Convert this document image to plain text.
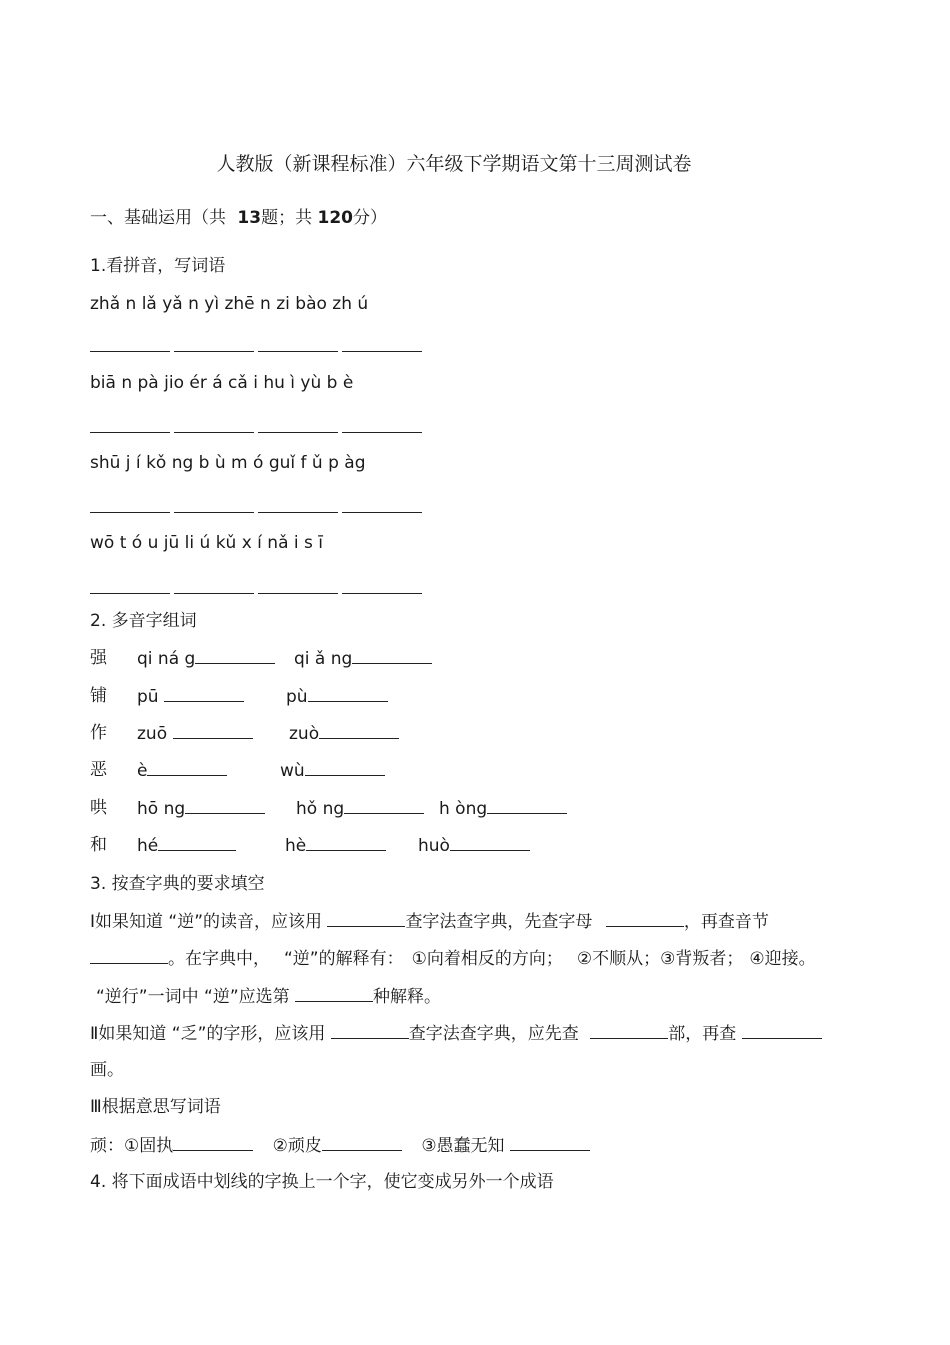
人教版（新课程标准）六年级下学期语文第十三周测试卷
一、基础运用（共 13题；共 120分）
1.看拼音，写词语
zhǎ n lǎ yǎ n yì zhē n zi bào zh ú
biā n pà jio ér á cǎ i hu ì yù b è
shū j í kǒ ng b ù m ó guǐ f ǔ p àg
wō t ó u jū li ú kǔ x í nǎ i s ī
2. 多音字组词
强 qi ná g	qi ǎ ng
铺 pū	pù
作 zuō	zuò
恶 è	wù
哄 hō ng	hǒ ng	h òng
和 hé	hè	huò
3. 按查字典的要求填空
Ⅰ如果知道 “逆”的读音，应该用	查字法查字典，先查字母	，再查音节
。在字典中， “逆”的解释有： ①向着相反的方向； ②不顺从；③背叛者； ④迎接。
“逆行”一词中 “逆”应选第	种解释。
Ⅱ如果知道 “乏”的字形，应该用	查字法查字典，应先查	部，再查
画。
Ⅲ根据意思写词语
顽：①固执	②顽皮	③愚蠢无知
4. 将下面成语中划线的字换上一个字，使它变成另外一个成语
